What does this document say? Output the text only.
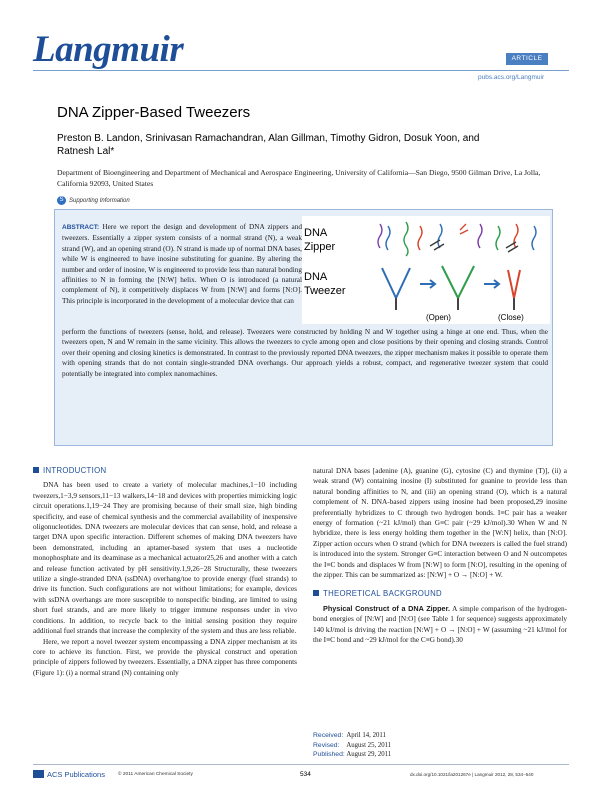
Langmuir	ARTICLE
pubs.acs.org/Langmuir
DNA Zipper-Based Tweezers
Preston B. Landon, Srinivasan Ramachandran, Alan Gillman, Timothy Gidron, Dosuk Yoon, and
Ratnesh Lal*
Department of Bioengineering and Department of Mechanical and Aerospace Engineering, University of California—San Diego, 9500 Gilman Drive, La Jolla, California 92093, United States
S Supporting Information
ABSTRACT: Here we report the design and development of DNA zippers and tweezers. Essentially a zipper system consists of a normal strand (N), a weak strand (W), and an opening strand (O). N strand is made up of normal DNA bases, while W is engineered to have inosine substituting for guanine. By altering the number and order of inosine, W is engineered to provide less than natural bonding affinities to N in forming the [N:W] helix. When O is introduced (a natural complement of N), it competitively displaces W from [N:W] and forms [N:O]. This principle is incorporated in the development of a molecular device that can
DNA
Zipper
DNA
Tweezer
(Open)	(Close)
perform the functions of tweezers (sense, hold, and release). Tweezers were constructed by holding N and W together using a hinge at one end. Thus, when the tweezers open, N and W remain in the same vicinity. This allows the tweezers to cycle among open and close positions by their opening and closing strands. Control over their opening and closing kinetics is demonstrated. In contrast to the previously reported DNA tweezers, the zipper mechanism makes it possible to operate them with opening strands that do not contain single-stranded DNA overhangs. Our approach yields a robust, compact, and regenerative tweezer system that could potentially be integrated into complex nanomachines.
INTRODUCTION

DNA has been used to create a variety of molecular machines,1−10 including tweezers,1−3,9 sensors,11−13 walkers,14−18 and devices with properties mimicking logic circuit operations.1,19−24 They are promising because of their small size, high binding specificity, and ease of chemical synthesis and the commercial availability of inexpensive oligonucleotides. DNA tweezers are molecular devices that can sense, hold, and release a target DNA upon specific interaction. Different schemes of making DNA tweezers have been demonstrated, including an aptamer-based system that uses a nucleotide monophosphate and its deaminase as a mechanical actuator25,26 and another with a catch and release function activated by pH sensitivity.1,9,26−28 Structurally, these tweezers utilize a single-stranded DNA (ssDNA) overhang/toe to provide energy (fuel strands) to drive its function. Such configurations are not without limitations; for example, devices with ssDNA overhangs are more susceptible to nonspecific binding, are limited to using short fuel strands, and are more likely to trigger immune responses under in vivo conditions. In addition, to recycle back to the initial sensing position they require additional fuel strands that increase the complexity of the system and thus are less reliable.

Here, we report a novel tweezer system encompassing a DNA zipper mechanism at its core to achieve its function. First, we provide the physical construct and operation principle of zippers followed by tweezers. Essentially, a DNA zipper has three components (Figure 1): (i) a normal strand (N) containing only

natural DNA bases [adenine (A), guanine (G), cytosine (C) and thymine (T)], (ii) a weak strand (W) containing inosine (I) substituted for guanine to provide less than natural bonding affinities to N, and (iii) an opening strand (O), which is a natural complement of N. DNA-based zippers using inosine had been proposed,29 inosine preferentially hybridizes to C through two hydrogen bonds. I≡C pair has a weaker energy of formation (~21 kJ/mol) than G≡C pair (~29 kJ/mol).30 When W and N hybridize, there is less energy holding them together in the [W:N] helix, than [N:O]. Zipper action occurs when O strand (which for DNA tweezers is called the fuel strand) is introduced into the system. Stronger G≡C interaction between O and N outcompetes the I≡C bonds and displaces W from [N:W] to form [N:O], resulting in the opening of the zipper. This can be summarized as: [N:W] + O → [N:O] + W.

THEORETICAL BACKGROUND

Physical Construct of a DNA Zipper. A simple comparison of the hydrogen-bond energies of [N:W] and [N:O] (see Table 1 for sequence) suggests approximately 140 kJ/mol is driving the reaction [N:W] + O → [N:O] + W (assuming ~21 kJ/mol for the I≡C bond and ~29 kJ/mol for the C≡G bond).30

Received: April 14, 2011
Revised: August 25, 2011
Published: August 29, 2011
ACS Publications	© 2011 American Chemical Society	534	dx.doi.org/10.1021/la201267e | Langmuir 2012, 28, 534−540
